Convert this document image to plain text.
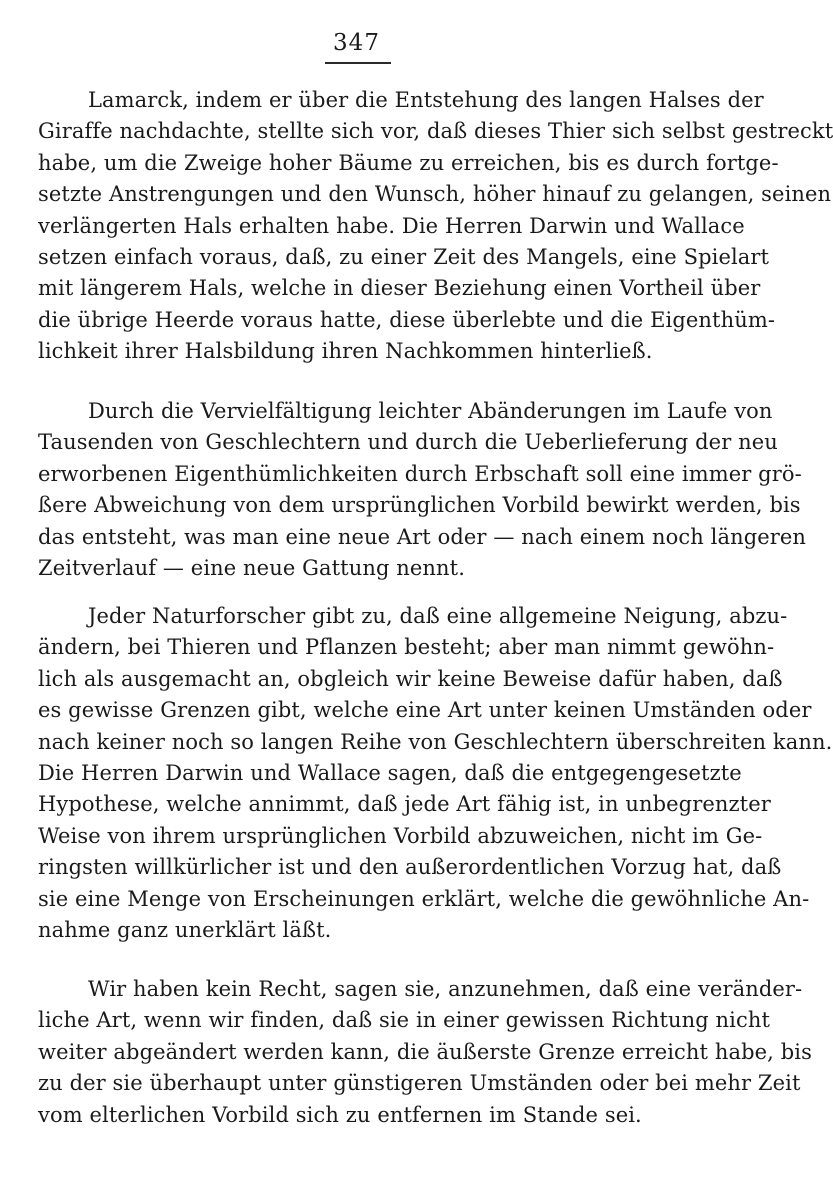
347
Lamarck, indem er über die Entstehung des langen Halses der
Giraffe nachdachte, stellte sich vor, daß dieses Thier sich selbst gestreckt
habe, um die Zweige hoher Bäume zu erreichen, bis es durch fortge-
setzte Anstrengungen und den Wunsch, höher hinauf zu gelangen, seinen
verlängerten Hals erhalten habe. Die Herren Darwin und Wallace
setzen einfach voraus, daß, zu einer Zeit des Mangels, eine Spielart
mit längerem Hals, welche in dieser Beziehung einen Vortheil über
die übrige Heerde voraus hatte, diese überlebte und die Eigenthüm-
lichkeit ihrer Halsbildung ihren Nachkommen hinterließ.
Durch die Vervielfältigung leichter Abänderungen im Laufe von
Tausenden von Geschlechtern und durch die Ueberlieferung der neu
erworbenen Eigenthümlichkeiten durch Erbschaft soll eine immer grö-
ßere Abweichung von dem ursprünglichen Vorbild bewirkt werden, bis
das entsteht, was man eine neue Art oder — nach einem noch längeren
Zeitverlauf — eine neue Gattung nennt.
Jeder Naturforscher gibt zu, daß eine allgemeine Neigung, abzu-
ändern, bei Thieren und Pflanzen besteht; aber man nimmt gewöhn-
lich als ausgemacht an, obgleich wir keine Beweise dafür haben, daß
es gewisse Grenzen gibt, welche eine Art unter keinen Umständen oder
nach keiner noch so langen Reihe von Geschlechtern überschreiten kann.
Die Herren Darwin und Wallace sagen, daß die entgegengesetzte
Hypothese, welche annimmt, daß jede Art fähig ist, in unbegrenzter
Weise von ihrem ursprünglichen Vorbild abzuweichen, nicht im Ge-
ringsten willkürlicher ist und den außerordentlichen Vorzug hat, daß
sie eine Menge von Erscheinungen erklärt, welche die gewöhnliche An-
nahme ganz unerklärt läßt.
Wir haben kein Recht, sagen sie, anzunehmen, daß eine veränder-
liche Art, wenn wir finden, daß sie in einer gewissen Richtung nicht
weiter abgeändert werden kann, die äußerste Grenze erreicht habe, bis
zu der sie überhaupt unter günstigeren Umständen oder bei mehr Zeit
vom elterlichen Vorbild sich zu entfernen im Stande sei.
